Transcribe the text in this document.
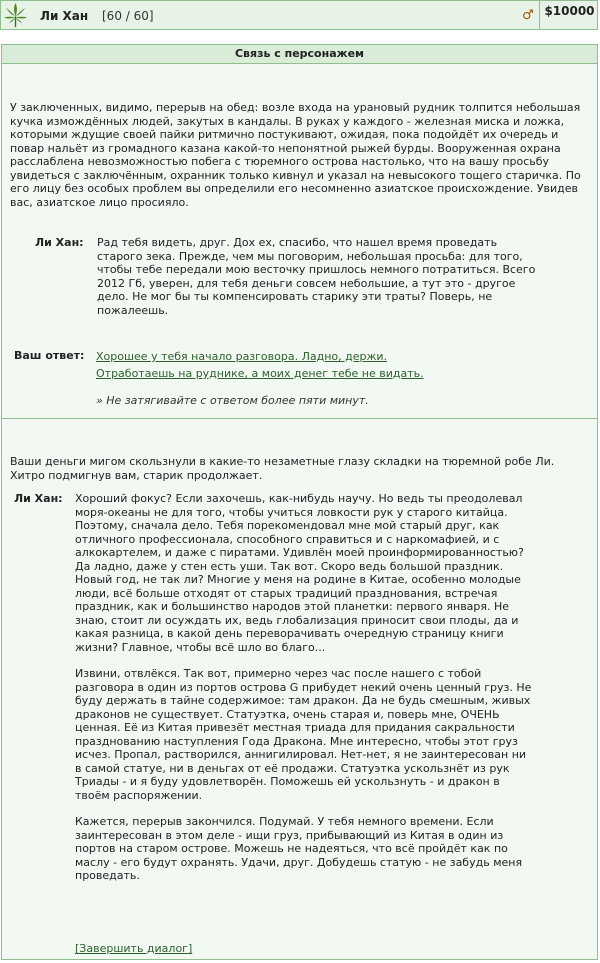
Ли Хан [60 / 60]	♂ $10000
Связь с персонажем

У заключенных, видимо, перерыв на обед: возле входа на урановый рудник толпится небольшая кучка измождённых людей, закутых в кандалы. В руках у каждого - железная миска и ложка, которыми ждущие своей пайки ритмично постукивают, ожидая, пока подойдёт их очередь и повар нальёт из громадного казана какой-то непонятной рыжей бурды. Вооруженная охрана расслаблена невозможностью побега с тюремного острова настолько, что на вашу просьбу увидеться с заключённым, охранник только кивнул и указал на невысокого тощего старичка. По его лицу без особых проблем вы определили его несомненно азиатское происхождение. Увидев вас, азиатское лицо просияло.

Ли Хан: Рад тебя видеть, друг. Дох ех, спасибо, что нашел время проведать старого зека. Прежде, чем мы поговорим, небольшая просьба: для того, чтобы тебе передали мою весточку пришлось немного потратиться. Всего 2012 Гб, уверен, для тебя деньги совсем небольшие, а тут это - другое дело. Не мог бы ты компенсировать старику эти траты? Поверь, не пожалеешь.

Ваш ответ: Хорошее у тебя начало разговора. Ладно, держи.
Отработаешь на руднике, а моих денег тебе не видать.
» Не затягивайте с ответом более пяти минут.

Ваши деньги мигом скользнули в какие-то незаметные глазу складки на тюремной робе Ли. Хитро подмигнув вам, старик продолжает.

Ли Хан: Хороший фокус? Если захочешь, как-нибудь научу. Но ведь ты преодолевал моря-океаны не для того, чтобы учиться ловкости рук у старого китайца. Поэтому, сначала дело. Тебя порекомендовал мне мой старый друг, как отличного профессионала, способного справиться и с наркомафией, и с алкокартелем, и даже с пиратами. Удивлён моей проинформированностью? Да ладно, даже у стен есть уши. Так вот. Скоро ведь большой праздник. Новый год, не так ли? Многие у меня на родине в Китае, особенно молодые люди, всё больше отходят от старых традиций празднования, встречая праздник, как и большинство народов этой планетки: первого января. Не знаю, стоит ли осуждать их, ведь глобализация приносит свои плоды, да и какая разница, в какой день переворачивать очередную страницу книги жизни? Главное, чтобы всё шло во благо...

Извини, отвлёкся. Так вот, примерно через час после нашего с тобой разговора в один из портов острова G прибудет некий очень ценный груз. Не буду держать в тайне содержимое: там дракон. Да не будь смешным, живых драконов не существует. Статуэтка, очень старая и, поверь мне, ОЧЕНЬ ценная. Её из Китая привезёт местная триада для придания сакральности празднованию наступления Года Дракона. Мне интересно, чтобы этот груз исчез. Пропал, растворился, аннигилировал. Нет-нет, я не заинтересован ни в самой статуе, ни в деньгах от её продажи. Статуэтка ускользнёт из рук Триады - и я буду удовлетворён. Поможешь ей ускользнуть - и дракон в твоём распоряжении.

Кажется, перерыв закончился. Подумай. У тебя немного времени. Если заинтересован в этом деле - ищи груз, прибывающий из Китая в один из портов на старом острове. Можешь не надеяться, что всё пройдёт как по маслу - его будут охранять. Удачи, друг. Добудешь статую - не забудь меня проведать.

[Завершить диалог]
